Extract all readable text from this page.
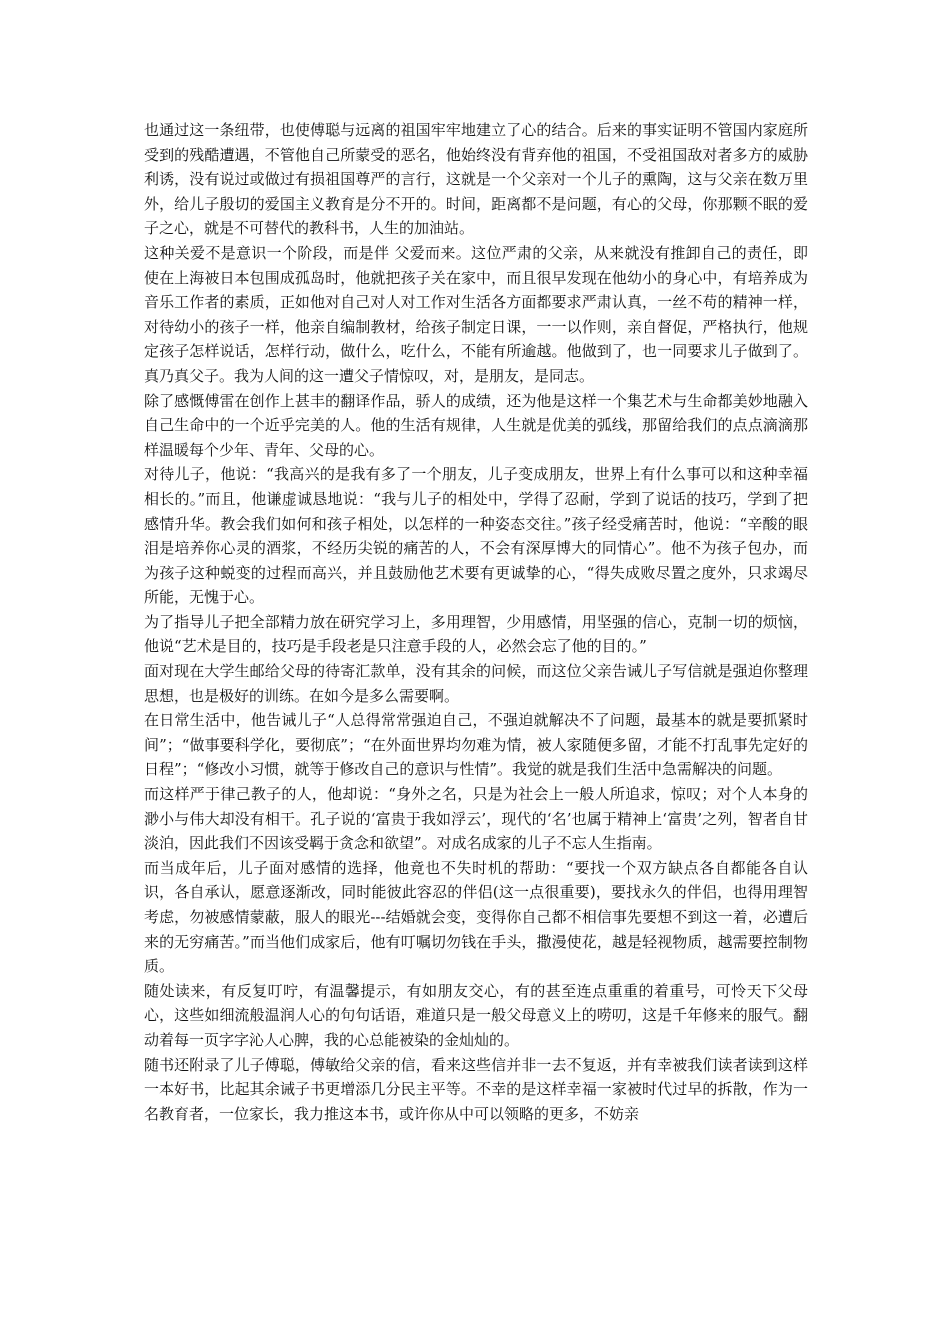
也通过这一条纽带，也使傅聪与远离的祖国牢牢地建立了心的结合。后来的事实证明不管国内家庭所受到的残酷遭遇，不管他自己所蒙受的恶名，他始终没有背弃他的祖国，不受祖国敌对者多方的威胁利诱，没有说过或做过有损祖国尊严的言行，这就是一个父亲对一个儿子的熏陶，这与父亲在数万里外，给儿子殷切的爱国主义教育是分不开的。时间，距离都不是问题，有心的父母，你那颗不眠的爱子之心，就是不可替代的教科书，人生的加油站。

这种关爱不是意识一个阶段，而是伴 父爱而来。这位严肃的父亲，从来就没有推卸自己的责任，即使在上海被日本包围成孤岛时，他就把孩子关在家中，而且很早发现在他幼小的身心中，有培养成为音乐工作者的素质，正如他对自己对人对工作对生活各方面都要求严肃认真，一丝不苟的精神一样，对待幼小的孩子一样，他亲自编制教材，给孩子制定日课，一一以作则，亲自督促，严格执行，他规定孩子怎样说话，怎样行动，做什么，吃什么，不能有所逾越。他做到了，也一同要求儿子做到了。真乃真父子。我为人间的这一遭父子情惊叹，对，是朋友，是同志。

除了感慨傅雷在创作上甚丰的翻译作品，骄人的成绩，还为他是这样一个集艺术与生命都美妙地融入自己生命中的一个近乎完美的人。他的生活有规律，人生就是优美的弧线，那留给我们的点点滴滴那样温暖每个少年、青年、父母的心。

对待儿子，他说：“我高兴的是我有多了一个朋友，儿子变成朋友，世界上有什么事可以和这种幸福相长的。”而且，他谦虚诚恳地说：“我与儿子的相处中，学得了忍耐，学到了说话的技巧，学到了把感情升华。教会我们如何和孩子相处，以怎样的一种姿态交往。”孩子经受痛苦时，他说：“辛酸的眼泪是培养你心灵的酒浆，不经历尖锐的痛苦的人，不会有深厚博大的同情心”。他不为孩子包办，而为孩子这种蜕变的过程而高兴，并且鼓励他艺术要有更诚挚的心，“得失成败尽置之度外，只求竭尽所能，无愧于心。

为了指导儿子把全部精力放在研究学习上，多用理智，少用感情，用坚强的信心，克制一切的烦恼，他说“艺术是目的，技巧是手段老是只注意手段的人，必然会忘了他的目的。”

面对现在大学生邮给父母的待寄汇款单，没有其余的问候，而这位父亲告诫儿子写信就是强迫你整理思想，也是极好的训练。在如今是多么需要啊。

在日常生活中，他告诫儿子“人总得常常强迫自己，不强迫就解决不了问题，最基本的就是要抓紧时间”；“做事要科学化，要彻底”；“在外面世界均勿难为情，被人家随便多留，才能不打乱事先定好的日程”；“修改小习惯，就等于修改自己的意识与性情”。我觉的就是我们生活中急需解决的问题。

而这样严于律己教子的人，他却说：“身外之名，只是为社会上一般人所追求，惊叹；对个人本身的渺小与伟大却没有相干。孔子说的‘富贵于我如浮云’，现代的‘名’也属于精神上‘富贵’之列，智者自甘淡泊，因此我们不因该受羁于贪念和欲望”。对成名成家的儿子不忘人生指南。

而当成年后，儿子面对感情的选择，他竟也不失时机的帮助：“要找一个双方缺点各自都能各自认识，各自承认，愿意逐渐改，同时能彼此容忍的伴侣(这一点很重要)，要找永久的伴侣，也得用理智考虑，勿被感情蒙蔽，服人的眼光---结婚就会变，变得你自己都不相信事先要想不到这一着，必遭后来的无穷痛苦。”而当他们成家后，他有叮嘱切勿钱在手头，撒漫使花，越是轻视物质，越需要控制物质。

随处读来，有反复叮咛，有温馨提示，有如朋友交心，有的甚至连点重重的着重号，可怜天下父母心，这些如细流般温润人心的句句话语，难道只是一般父母意义上的唠叨，这是千年修来的服气。翻动着每一页字字沁人心脾，我的心总能被染的金灿灿的。

随书还附录了儿子傅聪，傅敏给父亲的信，看来这些信并非一去不复返，并有幸被我们读者读到这样一本好书，比起其余诫子书更增添几分民主平等。不幸的是这样幸福一家被时代过早的拆散，作为一名教育者，一位家长，我力推这本书，或许你从中可以领略的更多，不妨亲
